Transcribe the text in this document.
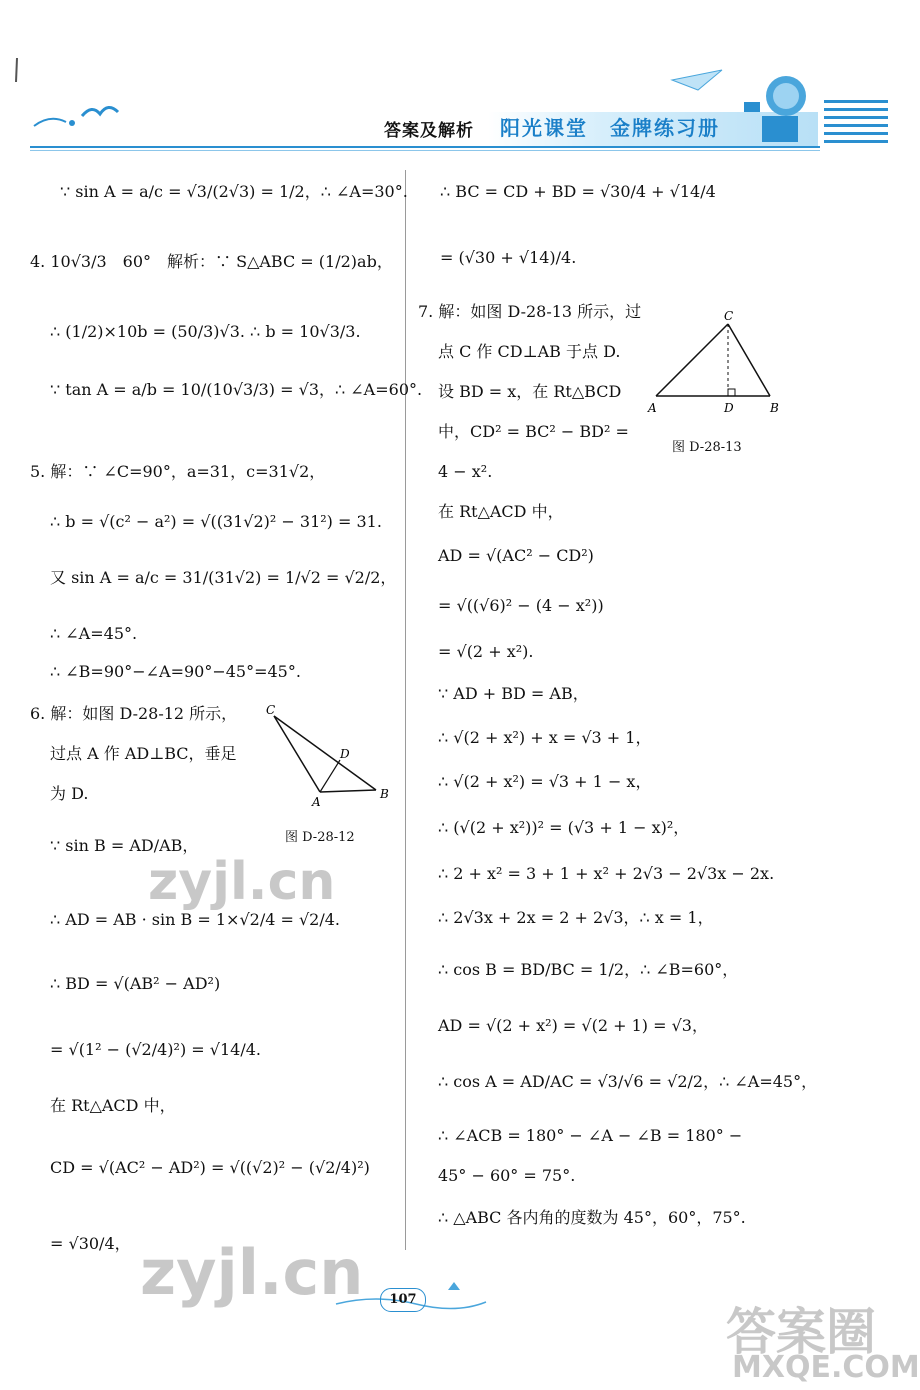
答案及解析 阳光课堂　金牌练习册
∵ sin A = a/c = √3/(2√3) = 1/2，∴ ∠A=30°.
4. 10√3/3　60°　解析：∵ S△ABC = (1/2)ab，
∴ (1/2)×10b = (50/3)√3. ∴ b = 10√3/3.
∵ tan A = a/b = 10/(10√3/3) = √3，∴ ∠A=60°.
5. 解：∵ ∠C=90°，a=31，c=31√2，
∴ b = √(c² − a²) = √((31√2)² − 31²) = 31.
又 sin A = a/c = 31/(31√2) = 1/√2 = √2/2，
∴ ∠A=45°.
∴ ∠B=90°−∠A=90°−45°=45°.
6. 解：如图 D-28-12 所示，
过点 A 作 AD⊥BC，垂足
为 D.
∵ sin B = AD/AB，
∴ AD = AB · sin B = 1×√2/4 = √2/4.
∴ BD = √(AB² − AD²)
= √(1² − (√2/4)²) = √14/4.
在 Rt△ACD 中，
CD = √(AC² − AD²) = √((√2)² − (√2/4)²)
= √30/4，
C
D
A
B
图 D-28-12
∴ BC = CD + BD = √30/4 + √14/4
= (√30 + √14)/4.
7. 解：如图 D-28-13 所示，过
点 C 作 CD⊥AB 于点 D.
设 BD = x，在 Rt△BCD
中，CD² = BC² − BD² =
4 − x².
在 Rt△ACD 中，
AD = √(AC² − CD²)
= √((√6)² − (4 − x²))
= √(2 + x²).
∵ AD + BD = AB，
∴ √(2 + x²) + x = √3 + 1，
∴ √(2 + x²) = √3 + 1 − x，
∴ (√(2 + x²))² = (√3 + 1 − x)²，
∴ 2 + x² = 3 + 1 + x² + 2√3 − 2√3x − 2x.
∴ 2√3x + 2x = 2 + 2√3，∴ x = 1，
∴ cos B = BD/BC = 1/2，∴ ∠B=60°，
AD = √(2 + x²) = √(2 + 1) = √3，
∴ cos A = AD/AC = √3/√6 = √2/2，∴ ∠A=45°，
∴ ∠ACB = 180° − ∠A − ∠B = 180° −
45° − 60° = 75°.
∴ △ABC 各内角的度数为 45°，60°，75°.
C
A	D	B
图 D-28-13
107
zyjl.cn
zyjl.cn
答案圈
MXQE.COM
